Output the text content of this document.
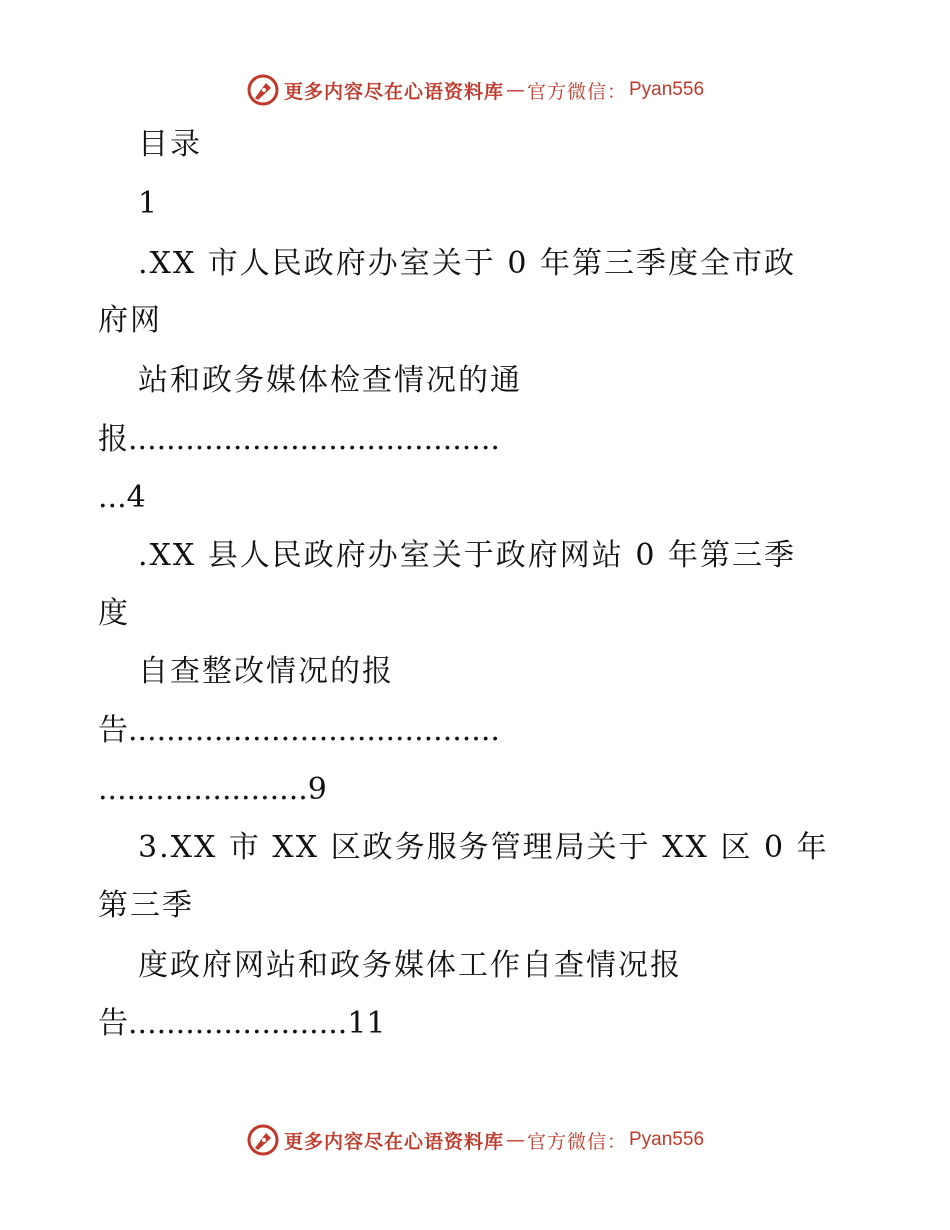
更多内容尽在心语资料库 — 官方微信： Pyan556
目录
1
.XX 市人民政府办室关于 0 年第三季度全市政
府网
站和政务媒体检查情况的通
报.......................................
...4
.XX 县人民政府办室关于政府网站 0 年第三季
度
自查整改情况的报
告.......................................
......................9
3.XX 市 XX 区政务服务管理局关于 XX 区 0 年
第三季
度政府网站和政务媒体工作自查情况报
告.......................11
更多内容尽在心语资料库 — 官方微信： Pyan556
